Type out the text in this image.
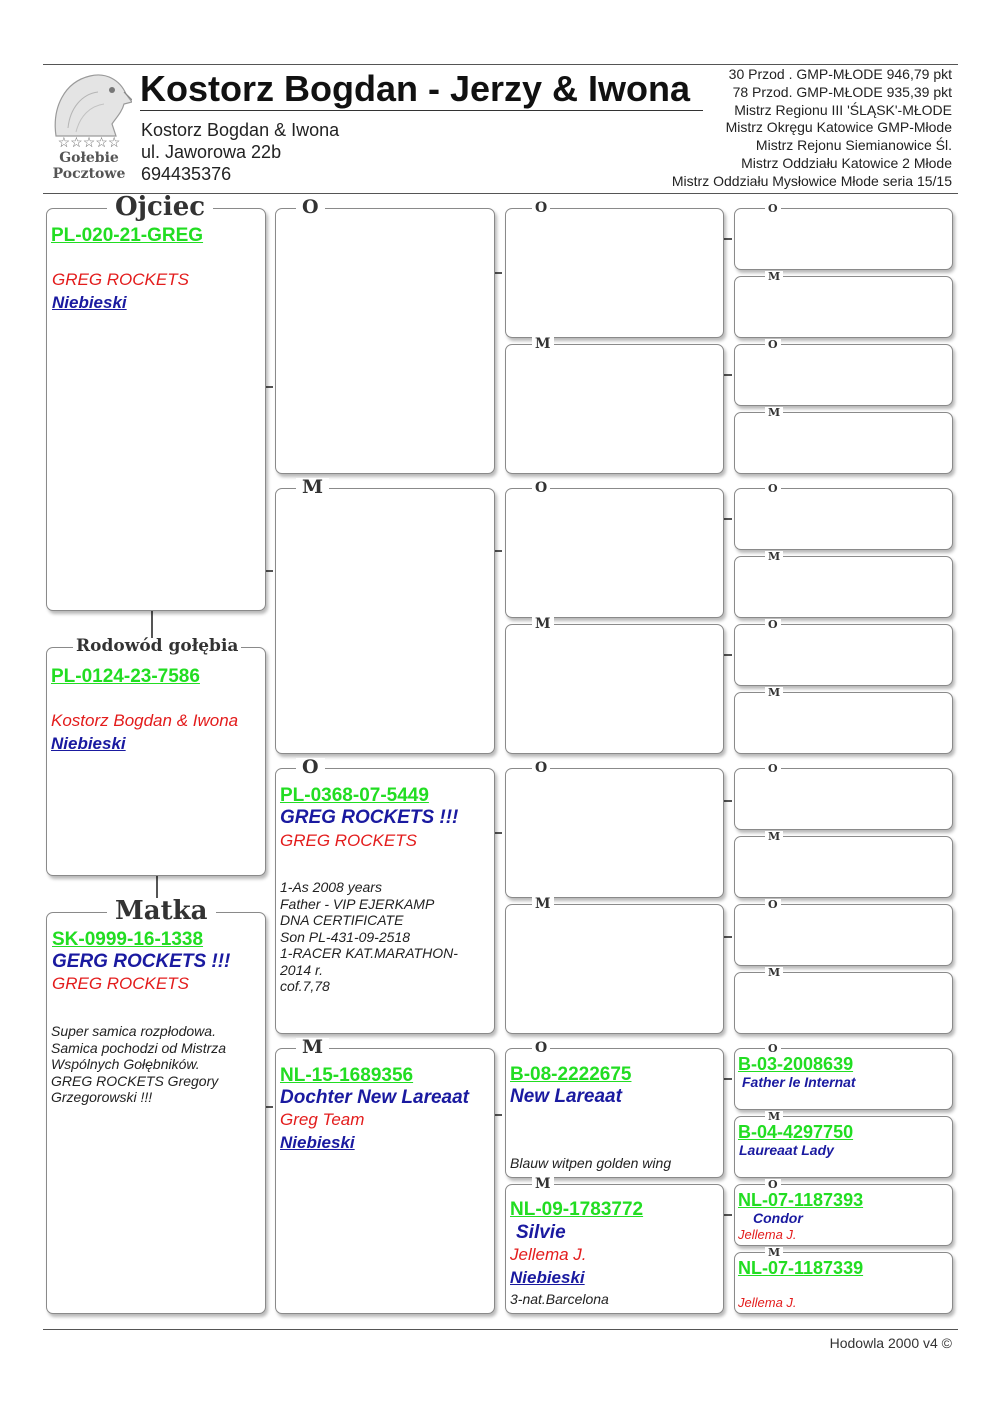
☆☆☆☆☆
Gołebie
Pocztowe
Kostorz Bogdan - Jerzy & Iwona
Kostorz Bogdan & Iwona
ul. Jaworowa 22b
694435376
30 Przod . GMP-MŁODE 946,79 pkt
78 Przod. GMP-MŁODE 935,39 pkt
Mistrz Regionu III 'ŚLĄSK'-MŁODE
Mistrz Okręgu Katowice GMP-Młode
Mistrz Rejonu Siemianowice Śl.
Mistrz Oddziału Katowice 2 Młode
Mistrz Oddziału Mysłowice Młode seria 15/15
Ojciec
PL-020-21-GREG
GREG ROCKETS
Niebieski
Rodowód gołębia
PL-0124-23-7586
Kostorz Bogdan & Iwona
Niebieski
Matka
SK-0999-16-1338
GERG ROCKETS !!!
GREG ROCKETS
Super samica rozpłodowa.
Samica pochodzi od Mistrza
Wspólnych Gołębników.
GREG ROCKETS Gregory
Grzegorowski !!!
O
M
O
PL-0368-07-5449
GREG ROCKETS !!!
GREG ROCKETS
1-As 2008 years
Father - VIP EJERKAMP
DNA CERTIFICATE
Son PL-431-09-2518
1-RACER KAT.MARATHON-
2014 r.
cof.7,78
M
NL-15-1689356
Dochter New Lareaat
Greg Team
Niebieski
O
M
O
M
O
M
O
B-08-2222675
New Lareaat
Blauw witpen golden wing
M
NL-09-1783772
Silvie
Jellema J.
Niebieski
3-nat.Barcelona
O
M
O
M
O
M
O
M
O
M
O
M
O
B-03-2008639
Father le Internat
M
B-04-4297750
Laureaat Lady
O
NL-07-1187393
Condor
Jellema J.
M
NL-07-1187339
Jellema J.
Hodowla 2000 v4 ©
